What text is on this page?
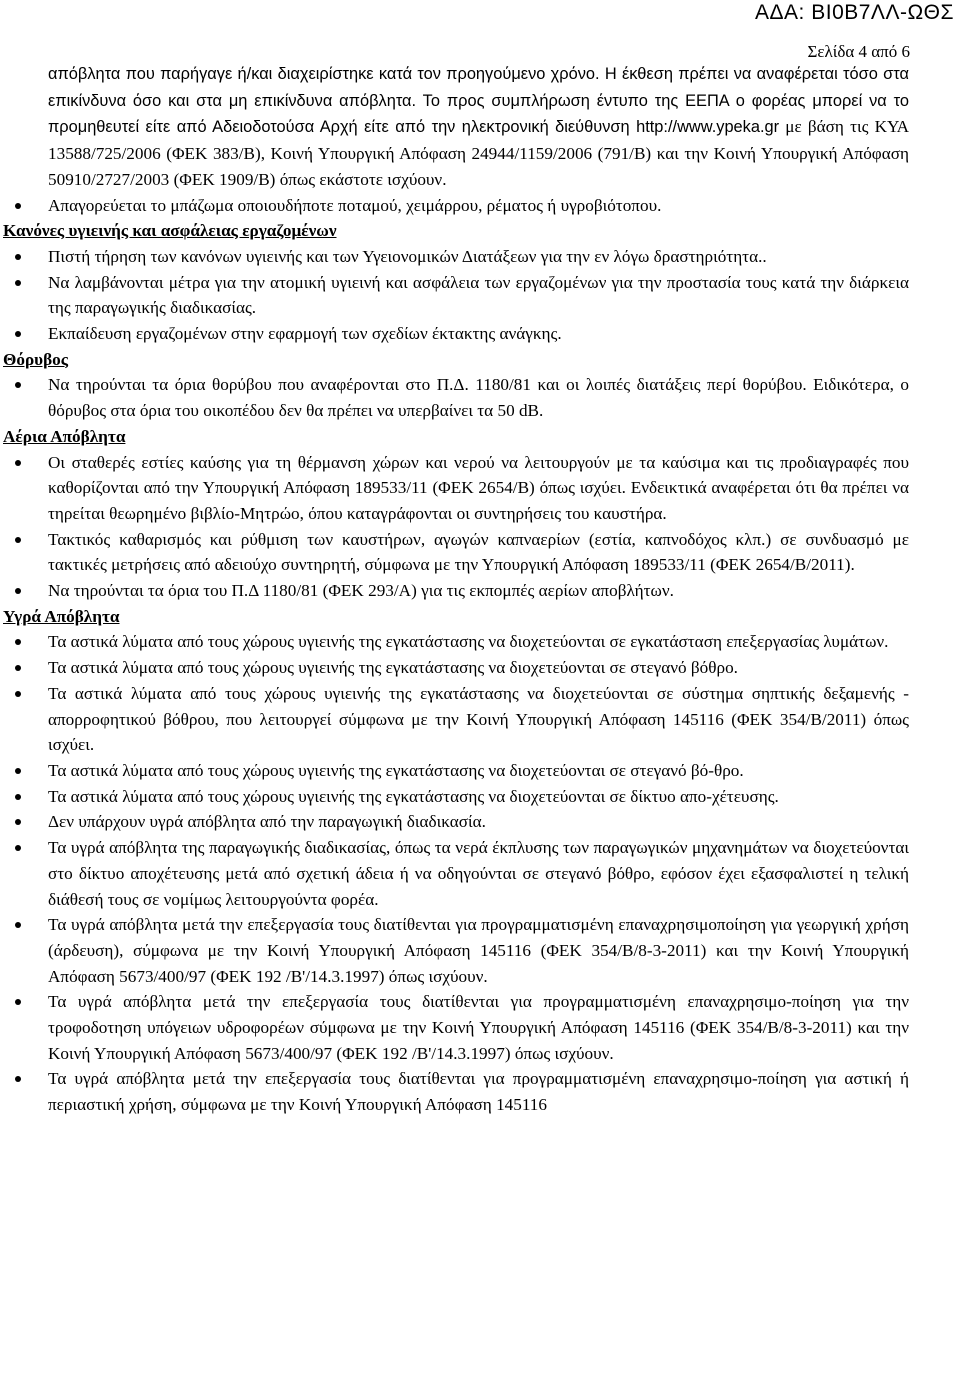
ΑΔΑ: ΒΙ0Β7ΛΛ-ΩΘΣ
Σελίδα 4 από 6

απόβλητα που παρήγαγε ή/και διαχειρίστηκε κατά τον προηγούμενο χρόνο. Η έκθεση πρέπει να αναφέρεται τόσο στα επικίνδυνα όσο και στα μη επικίνδυνα απόβλητα. Το προς συμπλήρωση έντυπο της ΕΕΠΑ ο φορέας μπορεί να το προμηθευτεί είτε από Αδειοδοτούσα Αρχή είτε από την ηλεκτρονική διεύθυνση http://www.ypeka.gr με βάση τις ΚΥΑ 13588/725/2006 (ΦΕΚ 383/Β), Κοινή Υπουργική Απόφαση 24944/1159/2006 (791/Β) και την Κοινή Υπουργική Απόφαση 50910/2727/2003 (ΦΕΚ 1909/Β) όπως εκάστοτε ισχύουν.

Απαγορεύεται το μπάζωμα οποιουδήποτε ποταμού, χειμάρρου, ρέματος ή υγροβιότοπου.

Κανόνες υγιεινής και ασφάλειας εργαζομένων

Πιστή τήρηση των κανόνων υγιεινής και των Υγειονομικών Διατάξεων για την εν λόγω δραστηριότητα..
Να λαμβάνονται μέτρα για την ατομική υγιεινή και ασφάλεια των εργαζομένων για την προστασία τους κατά την διάρκεια της παραγωγικής διαδικασίας.
Εκπαίδευση εργαζομένων στην εφαρμογή των σχεδίων έκτακτης ανάγκης.

Θόρυβος

Να τηρούνται τα όρια θορύβου που αναφέρονται στο Π.Δ. 1180/81 και οι λοιπές διατάξεις περί θορύβου. Ειδικότερα, ο θόρυβος στα όρια του οικοπέδου δεν θα πρέπει να υπερβαίνει τα 50 dB.

Αέρια Απόβλητα

Οι σταθερές εστίες καύσης για τη θέρμανση χώρων και νερού να λειτουργούν με τα καύσιμα και τις προδιαγραφές που καθορίζονται από την Υπουργική Απόφαση 189533/11 (ΦΕΚ 2654/Β) όπως ισχύει. Ενδεικτικά αναφέρεται ότι θα πρέπει να τηρείται θεωρημένο βιβλίο-Μητρώο, όπου καταγράφονται οι συντηρήσεις του καυστήρα.
Τακτικός καθαρισμός και ρύθμιση των καυστήρων, αγωγών καπναερίων (εστία, καπνοδόχος κλπ.) σε συνδυασμό με τακτικές μετρήσεις από αδειούχο συντηρητή, σύμφωνα με την Υπουργική Απόφαση 189533/11 (ΦΕΚ 2654/Β/2011).
Να τηρούνται τα όρια του Π.Δ 1180/81 (ΦΕΚ 293/Α) για τις εκπομπές αερίων αποβλήτων.

Υγρά Απόβλητα

Τα αστικά λύματα από τους χώρους υγιεινής της εγκατάστασης να διοχετεύονται σε εγκατάσταση επεξεργασίας λυμάτων.
Τα αστικά λύματα από τους χώρους υγιεινής της εγκατάστασης να διοχετεύονται σε στεγανό βόθρο.
Τα αστικά λύματα από τους χώρους υγιεινής της εγκατάστασης να διοχετεύονται σε σύστημα σηπτικής δεξαμενής - απορροφητικού βόθρου, που λειτουργεί σύμφωνα με την Κοινή Υπουργική Απόφαση 145116 (ΦΕΚ 354/Β/2011) όπως ισχύει.
Τα αστικά λύματα από τους χώρους υγιεινής της εγκατάστασης να διοχετεύονται σε στεγανό βό-θρο.
Τα αστικά λύματα από τους χώρους υγιεινής της εγκατάστασης να διοχετεύονται σε δίκτυο απο-χέτευσης.
Δεν υπάρχουν υγρά απόβλητα από την παραγωγική διαδικασία.
Τα υγρά απόβλητα της παραγωγικής διαδικασίας, όπως τα νερά έκπλυσης των παραγωγικών μηχανημάτων να διοχετεύονται στο δίκτυο αποχέτευσης μετά από σχετική άδεια ή να οδηγούνται σε στεγανό βόθρο, εφόσον έχει εξασφαλιστεί η τελική διάθεσή τους σε νομίμως λειτουργούντα φορέα.
Τα υγρά απόβλητα μετά την επεξεργασία τους διατίθενται για προγραμματισμένη επαναχρησιμοποίηση για γεωργική χρήση (άρδευση), σύμφωνα με την Κοινή Υπουργική Απόφαση 145116 (ΦΕΚ 354/Β/8-3-2011) και την Κοινή Υπουργική Απόφαση 5673/400/97 (ΦΕΚ 192 /Β'/14.3.1997) όπως ισχύουν.
Τα υγρά απόβλητα μετά την επεξεργασία τους διατίθενται για προγραμματισμένη επαναχρησιμο-ποίηση για την τροφοδοτηση υπόγειων υδροφορέων σύμφωνα με την Κοινή Υπουργική Απόφαση 145116 (ΦΕΚ 354/Β/8-3-2011) και την Κοινή Υπουργική Απόφαση 5673/400/97 (ΦΕΚ 192 /Β'/14.3.1997) όπως ισχύουν.
Τα υγρά απόβλητα μετά την επεξεργασία τους διατίθενται για προγραμματισμένη επαναχρησιμο-ποίηση για αστική ή περιαστική χρήση, σύμφωνα με την Κοινή Υπουργική Απόφαση 145116
